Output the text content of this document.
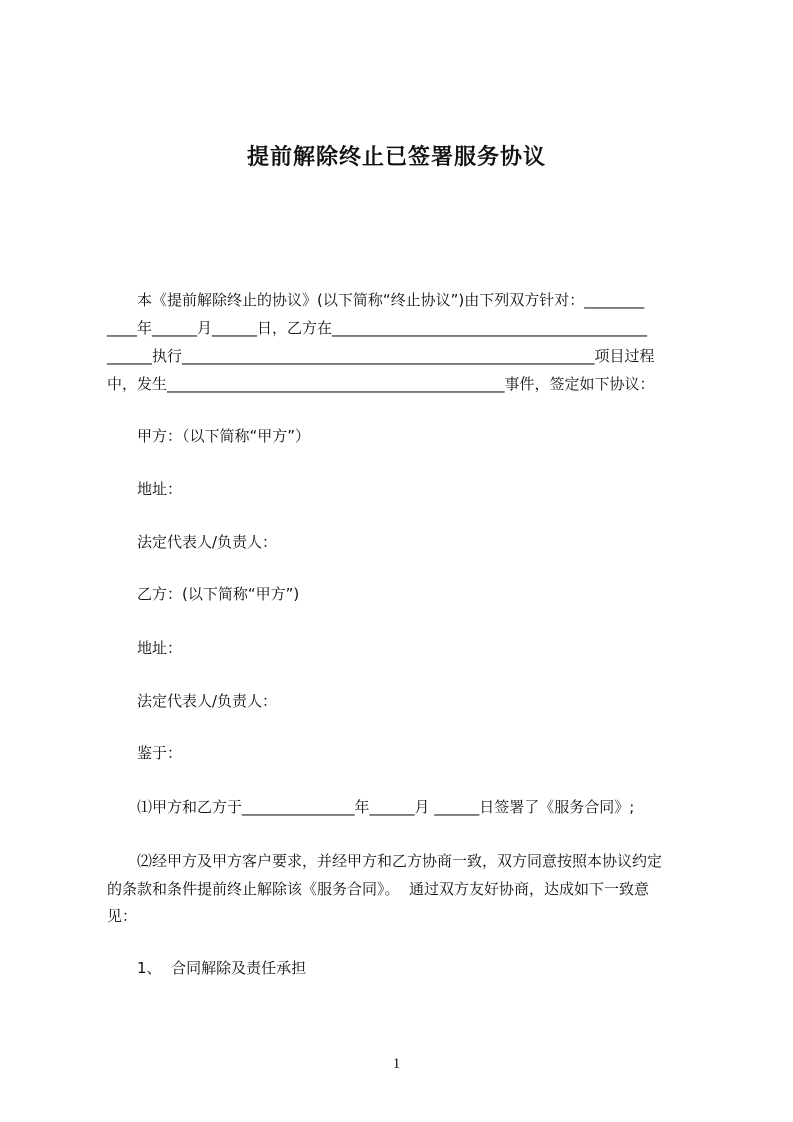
提前解除终止已签署服务协议
本《提前解除终止的协议》(以下简称“终止协议”)由下列双方针对：________
____年______月______日，乙方在__________________________________________
______执行_______________________________________________________项目过程
中，发生_____________________________________________事件，签定如下协议：
甲方：（以下简称“甲方”）
地址：
法定代表人/负责人：
乙方：(以下简称“甲方”)
地址：
法定代表人/负责人：
鉴于：
⑴甲方和乙方于_______________年______月 ______日签署了《服务合同》;
⑵经甲方及甲方客户要求，并经甲方和乙方协商一致，双方同意按照本协议约定
的条款和条件提前终止解除该《服务合同》。  通过双方友好协商，达成如下一致意
见：
1、  合同解除及责任承担
1
